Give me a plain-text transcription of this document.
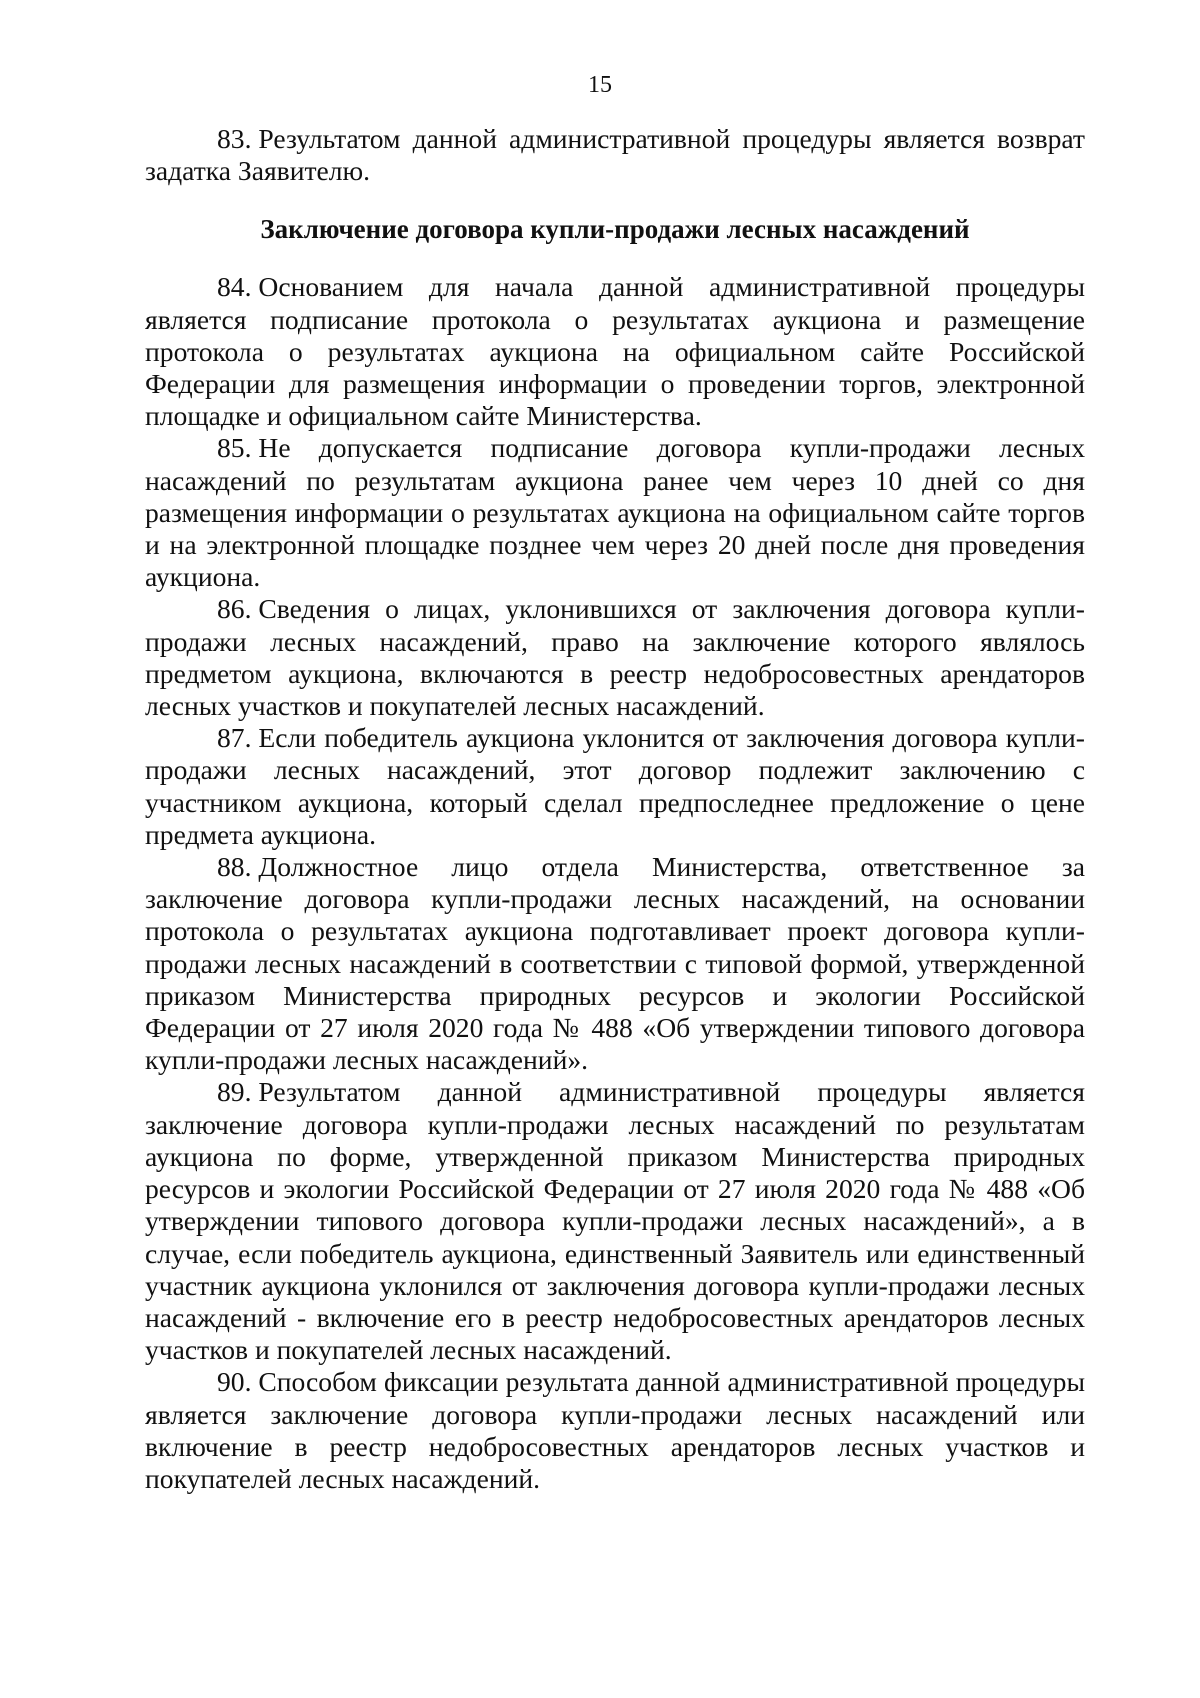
15

83. Результатом данной административной процедуры является возврат задатка Заявителю.

Заключение договора купли-продажи лесных насаждений

84. Основанием для начала данной административной процедуры является подписание протокола о результатах аукциона и размещение протокола о результатах аукциона на официальном сайте Российской Федерации для размещения информации о проведении торгов, электронной площадке и официальном сайте Министерства.

85. Не допускается подписание договора купли-продажи лесных насаждений по результатам аукциона ранее чем через 10 дней со дня размещения информации о результатах аукциона на официальном сайте торгов и на электронной площадке позднее чем через 20 дней после дня проведения аукциона.

86. Сведения о лицах, уклонившихся от заключения договора купли-продажи лесных насаждений, право на заключение которого являлось предметом аукциона, включаются в реестр недобросовестных арендаторов лесных участков и покупателей лесных насаждений.

87. Если победитель аукциона уклонится от заключения договора купли-продажи лесных насаждений, этот договор подлежит заключению с участником аукциона, который сделал предпоследнее предложение о цене предмета аукциона.

88. Должностное лицо отдела Министерства, ответственное за заключение договора купли-продажи лесных насаждений, на основании протокола о результатах аукциона подготавливает проект договора купли-продажи лесных насаждений в соответствии с типовой формой, утвержденной приказом Министерства природных ресурсов и экологии Российской Федерации от 27 июля 2020 года № 488 «Об утверждении типового договора купли-продажи лесных насаждений».

89. Результатом данной административной процедуры является заключение договора купли-продажи лесных насаждений по результатам аукциона по форме, утвержденной приказом Министерства природных ресурсов и экологии Российской Федерации от 27 июля 2020 года № 488 «Об утверждении типового договора купли-продажи лесных насаждений», а в случае, если победитель аукциона, единственный Заявитель или единственный участник аукциона уклонился от заключения договора купли-продажи лесных насаждений - включение его в реестр недобросовестных арендаторов лесных участков и покупателей лесных насаждений.

90. Способом фиксации результата данной административной процедуры является заключение договора купли-продажи лесных насаждений или включение в реестр недобросовестных арендаторов лесных участков и покупателей лесных насаждений.
